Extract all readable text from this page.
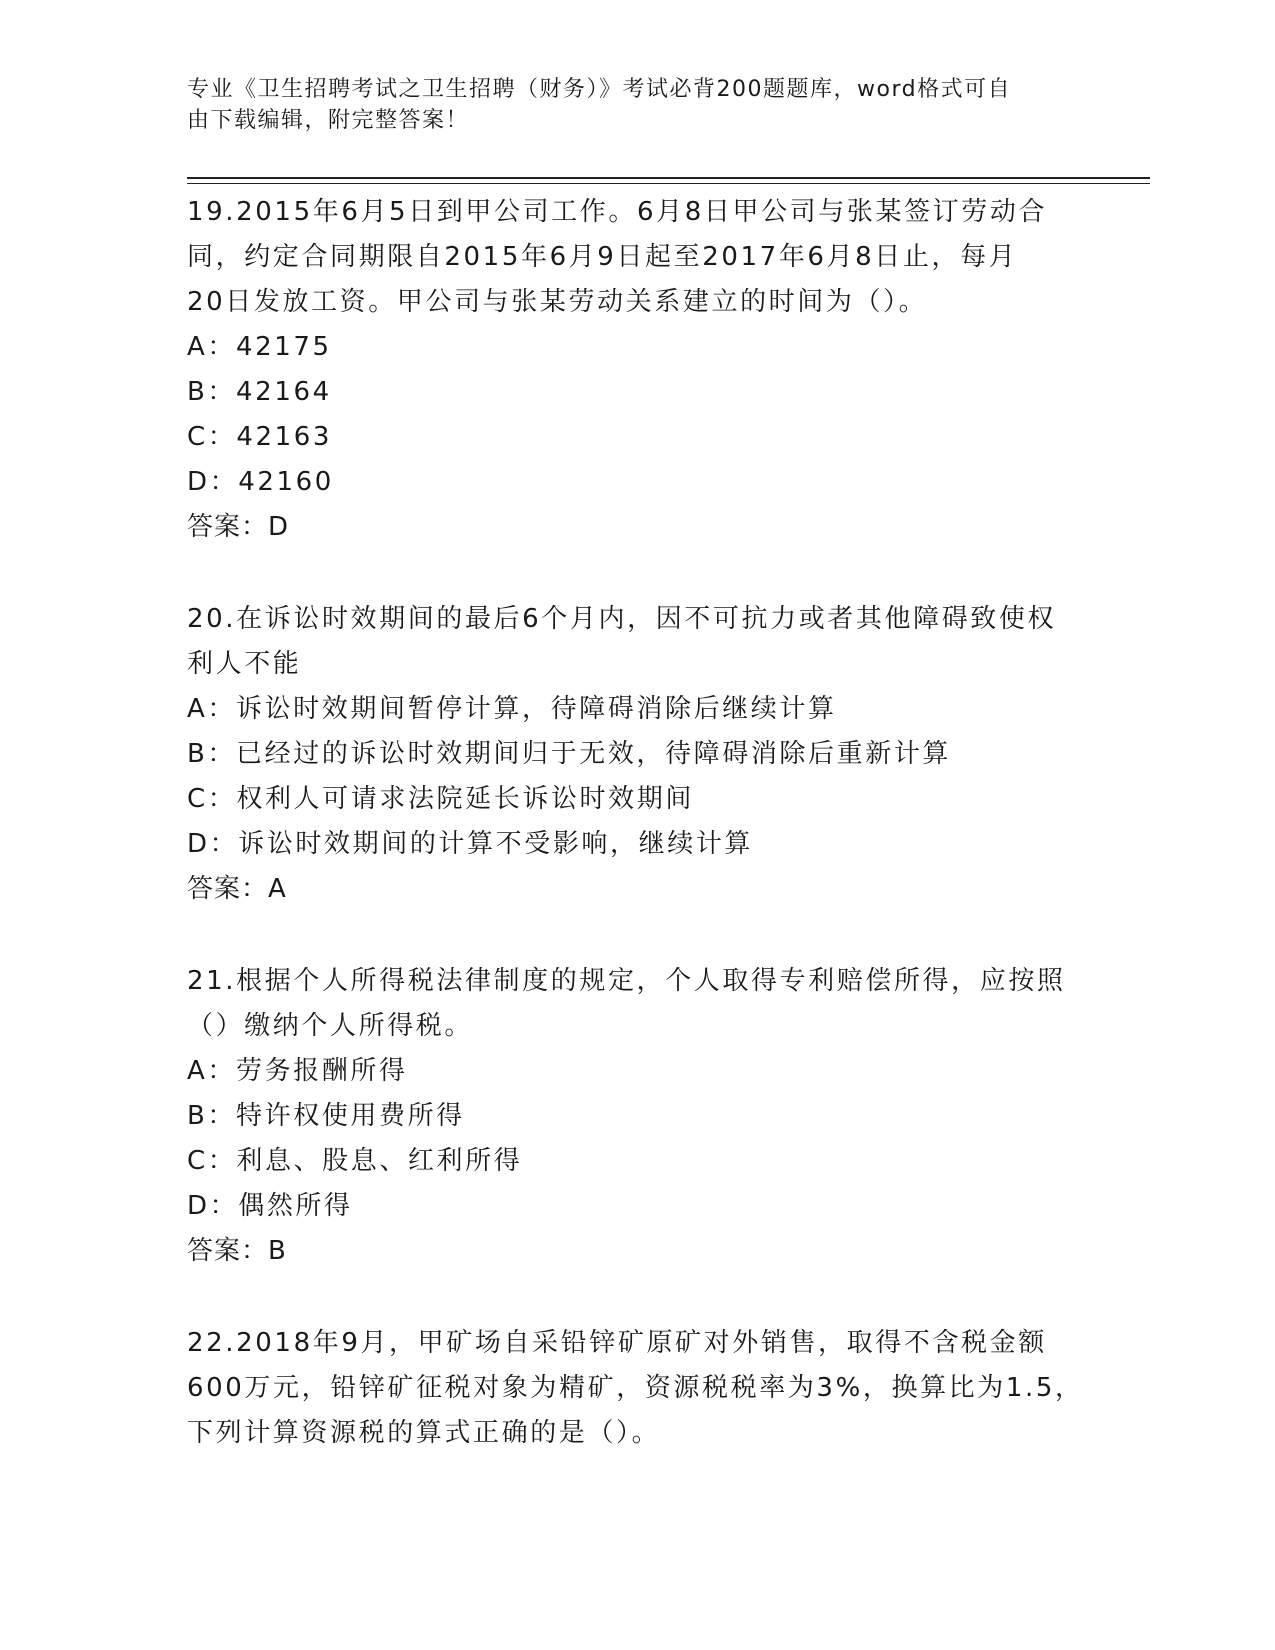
专业《卫生招聘考试之卫生招聘（财务）》考试必背200题题库，word格式可自
由下载编辑，附完整答案！
19.2015年6月5日到甲公司工作。6月8日甲公司与张某签订劳动合
同，约定合同期限自2015年6月9日起至2017年6月8日止，每月
20日发放工资。甲公司与张某劳动关系建立的时间为（）。
A：42175
B：42164
C：42163
D：42160
答案：D
20.在诉讼时效期间的最后6个月内，因不可抗力或者其他障碍致使权
利人不能
A：诉讼时效期间暂停计算，待障碍消除后继续计算
B：已经过的诉讼时效期间归于无效，待障碍消除后重新计算
C：权利人可请求法院延长诉讼时效期间
D：诉讼时效期间的计算不受影响，继续计算
答案：A
21.根据个人所得税法律制度的规定，个人取得专利赔偿所得，应按照
（）缴纳个人所得税。
A：劳务报酬所得
B：特许权使用费所得
C：利息、股息、红利所得
D：偶然所得
答案：B
22.2018年9月，甲矿场自采铅锌矿原矿对外销售，取得不含税金额
600万元，铅锌矿征税对象为精矿，资源税税率为3%，换算比为1.5，
下列计算资源税的算式正确的是（）。
